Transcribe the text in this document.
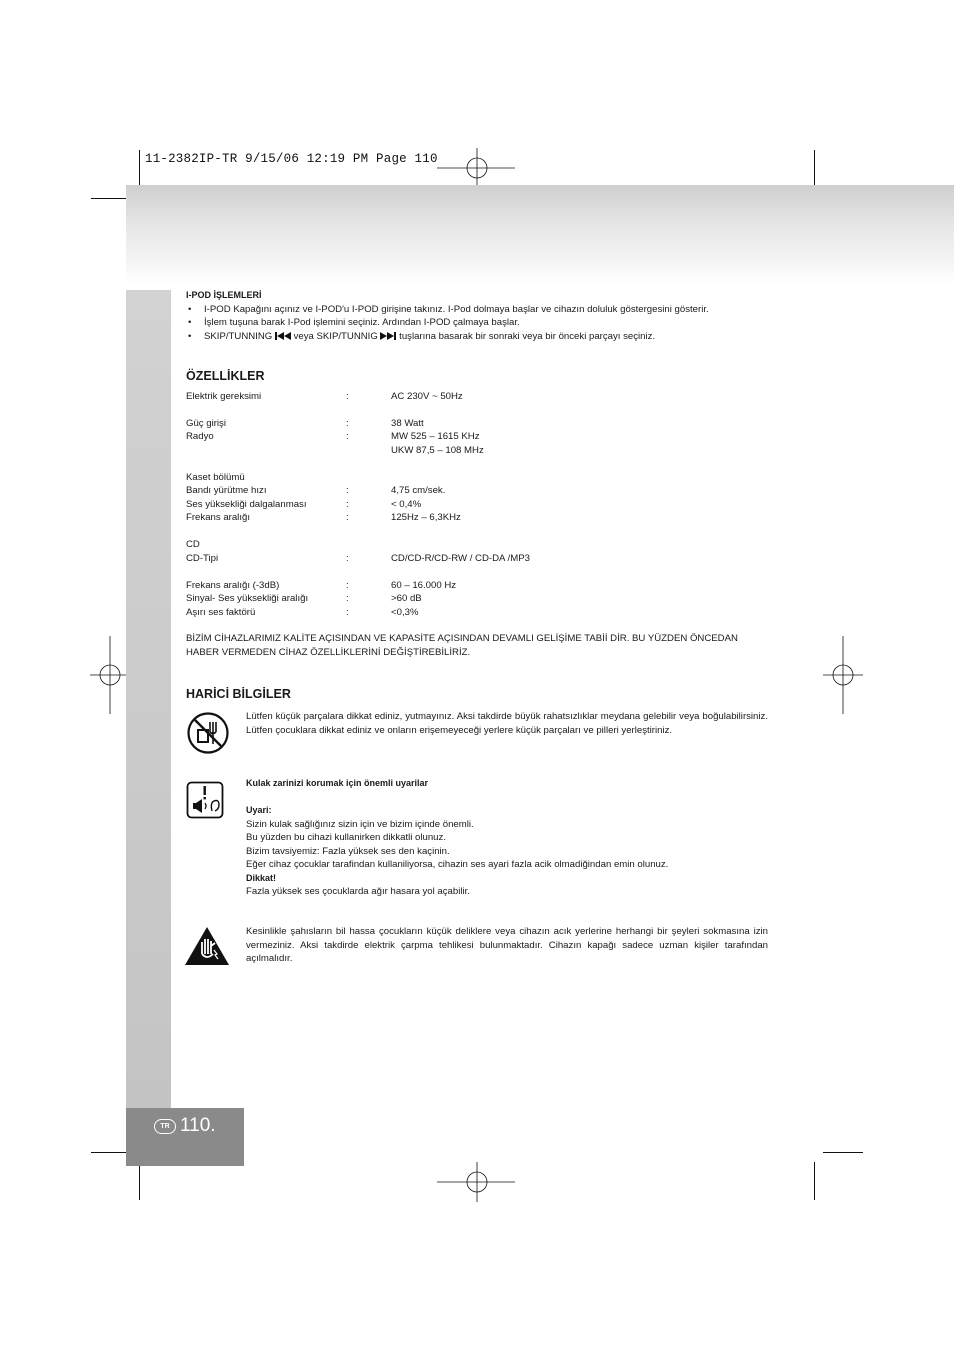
11-2382IP-TR 9/15/06 12:19 PM Page 110
TR 110.
I-POD İŞLEMLERİ
• I-POD Kapağını açınız ve I-POD'u I-POD girişine takınız. I-Pod dolmaya başlar ve cihazın doluluk göstergesini gösterir.
• İşlem tuşuna barak I-Pod işlemini seçiniz. Ardından I-POD çalmaya başlar.
• SKIP/TUNNING veya SKIP/TUNNIG tuşlarına basarak bir sonraki veya bir önceki parçayı seçiniz.
ÖZELLİKLER
Elektrik gereksimi	:	AC 230V ~ 50Hz
Güç girişi	:	38 Watt
Radyo	:	MW 525 – 1615 KHz
UKW 87,5 – 108 MHz
Kaset bölümü
Bandı yürütme hızı	:	4,75 cm/sek.
Ses yüksekliği dalgalanması	:	< 0,4%
Frekans aralığı	:	125Hz – 6,3KHz
CD
CD-Tipi	:	CD/CD-R/CD-RW / CD-DA /MP3
Frekans aralığı (-3dB)	:	60 – 16.000 Hz
Sinyal- Ses yüksekliği aralığı	:	>60 dB
Aşırı ses faktörü	:	<0,3%
BİZİM CİHAZLARIMIZ KALİTE AÇISINDAN VE KAPASİTE AÇISINDAN DEVAMLI GELİŞİME TABİİ DİR. BU YÜZDEN ÖNCEDAN HABER VERMEDEN CİHAZ ÖZELLİKLERİNİ DEĞİŞTİREBİLİRİZ.
HARİCİ BİLGİLER
Lütfen küçük parçalara dikkat ediniz, yutmayınız. Aksi takdirde büyük rahatsızlıklar meydana gelebilir veya boğulabilirsiniz. Lütfen çocuklara dikkat ediniz ve onların erişemeyeceği yerlere küçük parçaları ve pilleri yerleştiriniz.
Kulak zarinizi korumak için önemli uyarilar
Uyari:
Sizin kulak sağlığınız sizin için ve bizim içinde önemli.
Bu yüzden bu cihazi kullanirken dikkatli olunuz.
Bizim tavsiyemiz: Fazla yüksek ses den kaçinin.
Eğer cihaz çocuklar tarafindan kullaniliyorsa, cihazin ses ayari fazla acik olmadiğindan emin olunuz.
Dikkat!
Fazla yüksek ses çocuklarda ağır hasara yol açabilir.
Kesinlikle şahısların bil hassa çocukların küçük deliklere veya cihazın acık yerlerine herhangi bir şeyleri sokmasına izin vermeziniz. Aksi takdirde elektrik çarpma tehlikesi bulunmaktadır. Cihazın kapağı sadece uzman kişiler tarafından açılmalıdır.
